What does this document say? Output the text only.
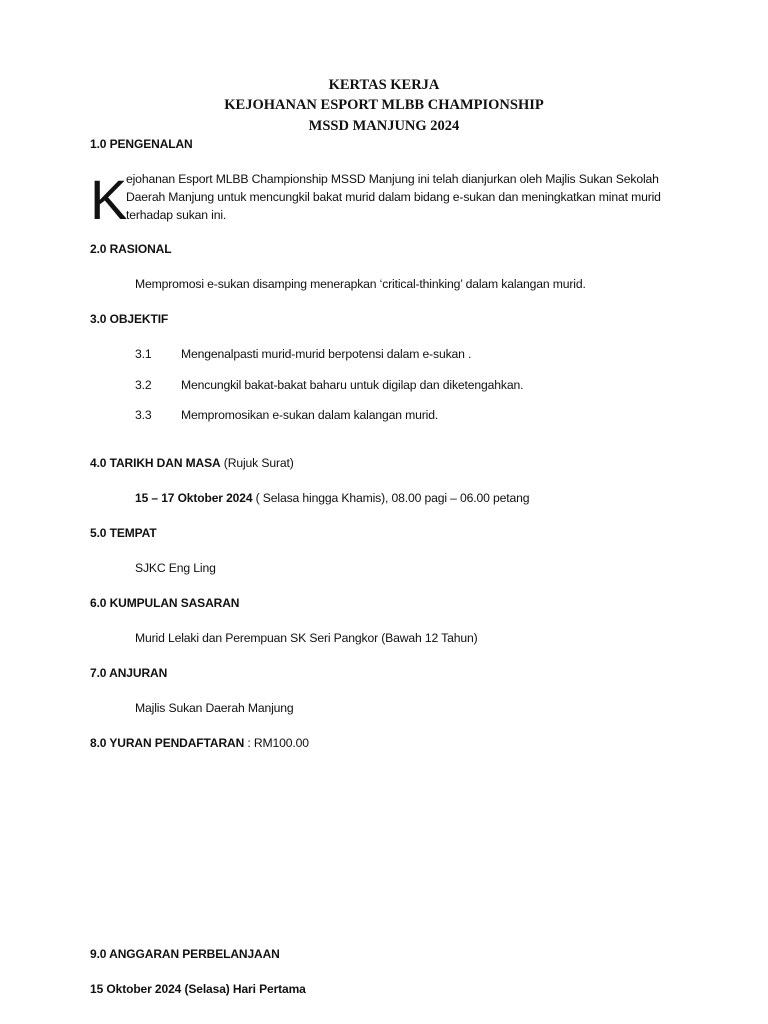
KERTAS KERJA
KEJOHANAN ESPORT MLBB CHAMPIONSHIP
MSSD MANJUNG 2024
1.0 PENGENALAN
K
ejohanan Esport MLBB Championship MSSD Manjung ini telah dianjurkan oleh Majlis Sukan Sekolah Daerah Manjung untuk mencungkil bakat murid dalam bidang e-sukan dan meningkatkan minat murid terhadap sukan ini.
2.0 RASIONAL
Mempromosi e-sukan disamping menerapkan ‘critical-thinking’ dalam kalangan murid.
3.0 OBJEKTIF
3.1 Mengenalpasti murid-murid berpotensi dalam e-sukan .
3.2 Mencungkil bakat-bakat baharu untuk digilap dan diketengahkan.
3.3 Mempromosikan e-sukan dalam kalangan murid.
4.0 TARIKH DAN MASA (Rujuk Surat)
15 – 17 Oktober 2024 ( Selasa hingga Khamis), 08.00 pagi – 06.00 petang
5.0 TEMPAT
SJKC Eng Ling
6.0 KUMPULAN SASARAN
Murid Lelaki dan Perempuan SK Seri Pangkor (Bawah 12 Tahun)
7.0 ANJURAN
Majlis Sukan Daerah Manjung
8.0 YURAN PENDAFTARAN : RM100.00
9.0 ANGGARAN PERBELANJAAN
15 Oktober 2024 (Selasa) Hari Pertama
